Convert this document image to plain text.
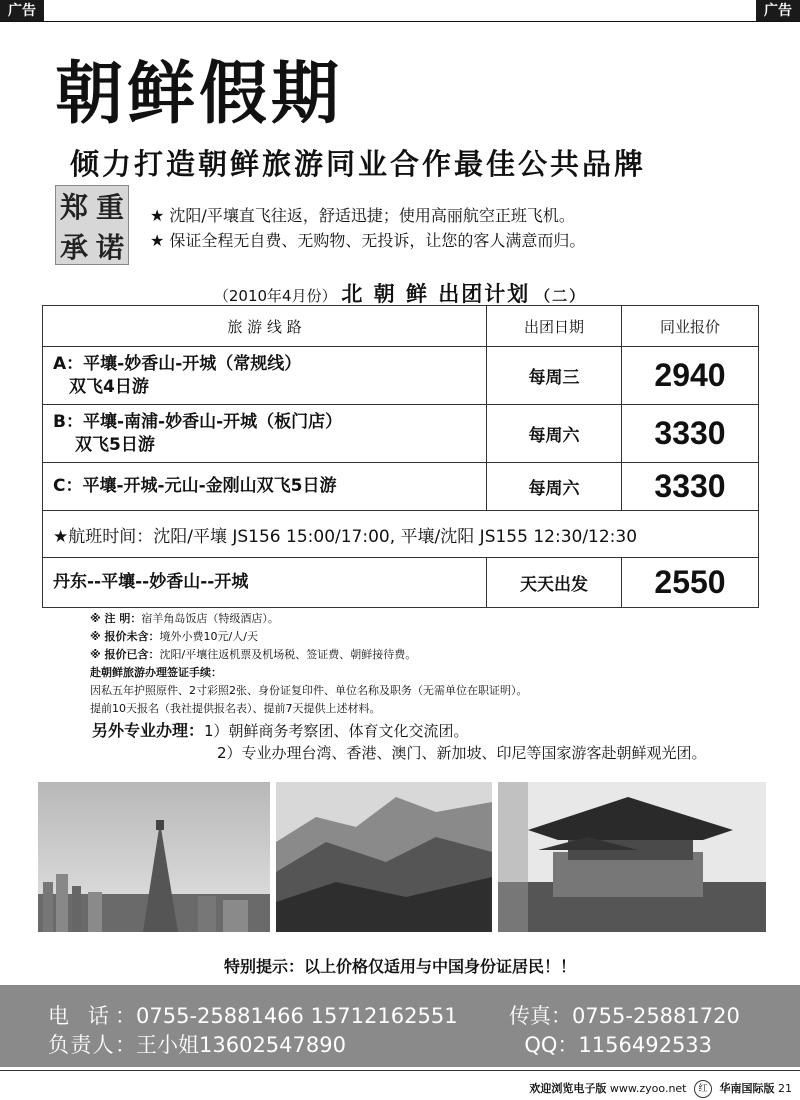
广告	广告
朝鲜假期
倾力打造朝鲜旅游同业合作最佳公共品牌
郑 重
承 诺
★ 沈阳/平壤直飞往返，舒适迅捷；使用高丽航空正班飞机。
★ 保证全程无自费、无购物、无投诉，让您的客人满意而归。
（2010年4月份） 北 朝 鲜 出团计划 （二）
旅 游 线 路	出团日期	同业报价
A：平壤-妙香山-开城（常规线）
双飞4日游	每周三	2940
B：平壤-南浦-妙香山-开城（板门店）
双飞5日游	每周六	3330
C：平壤-开城-元山-金刚山双飞5日游	每周六	3330
★航班时间：沈阳/平壤 JS156 15:00/17:00, 平壤/沈阳 JS155 12:30/12:30		
丹东--平壤--妙香山--开城	天天出发	2550
※ 注 明：宿羊角岛饭店（特级酒店）。
※ 报价未含：境外小费10元/人/天
※ 报价已含：沈阳/平壤往返机票及机场税、签证费、朝鲜接待费。
赴朝鲜旅游办理签证手续：
因私五年护照原件、2寸彩照2张、身份证复印件、单位名称及职务（无需单位在职证明）。
提前10天报名（我社提供报名表）、提前7天提供上述材料。
另外专业办理：1）朝鲜商务考察团、体育文化交流团。
2）专业办理台湾、香港、澳门、新加坡、印尼等国家游客赴朝鲜观光团。
特别提示：以上价格仅适用与中国身份证居民！！
电 话：0755-25881466 15712162551 传真：0755-25881720
负责人：王小姐13602547890	QQ：1156492533
欢迎浏览电子版 www.zyoo.net 红 华南国际版 21
